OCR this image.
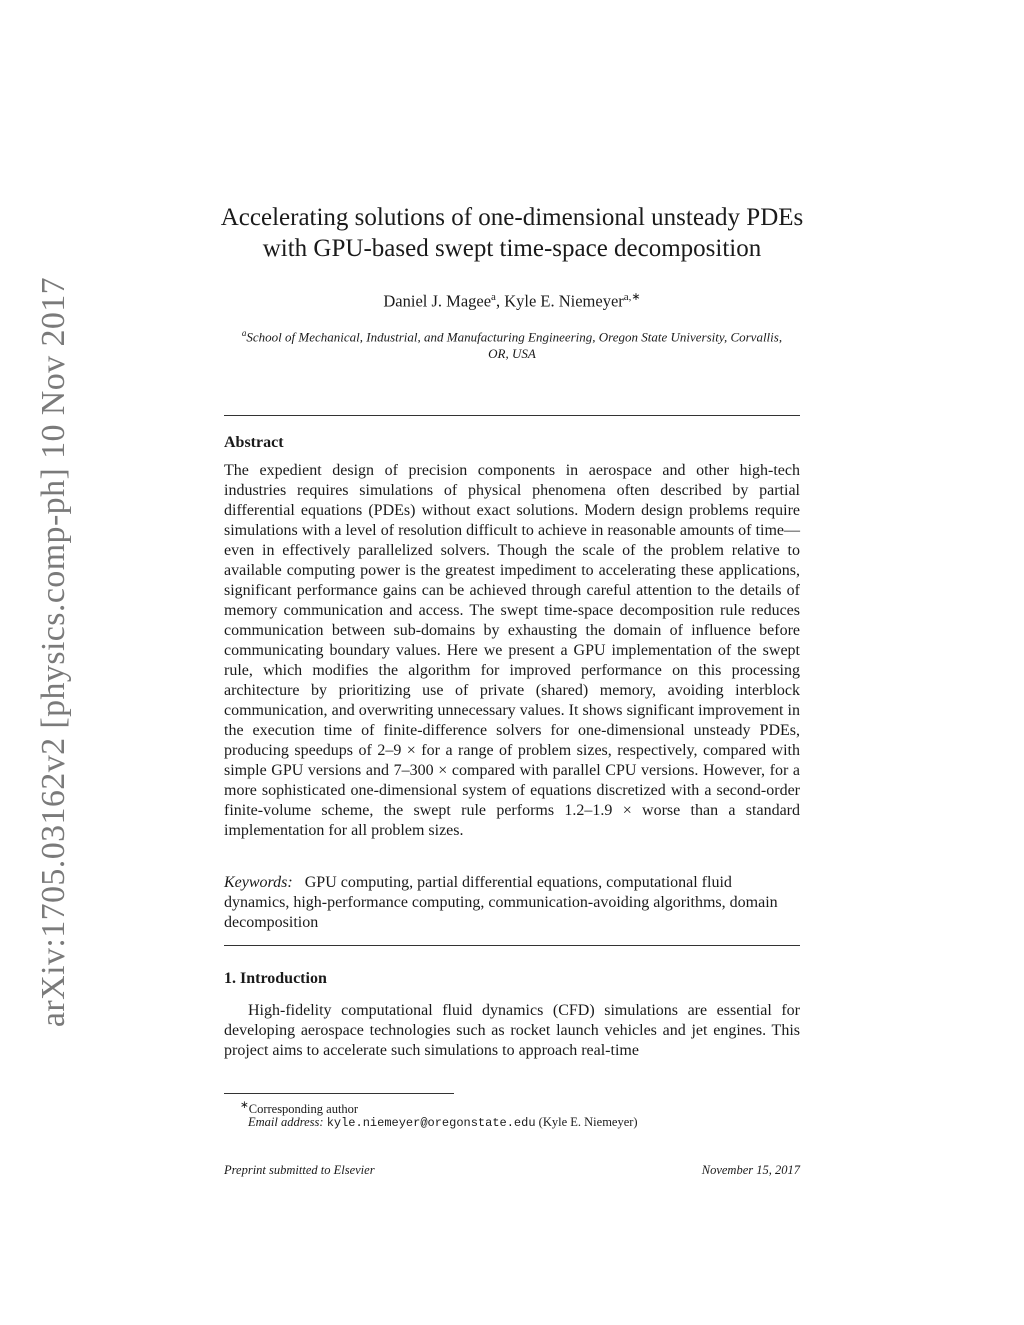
arXiv:1705.03162v2 [physics.comp-ph] 10 Nov 2017
Accelerating solutions of one-dimensional unsteady PDEs
with GPU-based swept time-space decomposition
Daniel J. Magee$^a$, Kyle E. Niemeyer$^{a,∗}$
$^a$School of Mechanical, Industrial, and Manufacturing Engineering, Oregon State University, Corvallis, OR, USA
Abstract

The expedient design of precision components in aerospace and other high-tech industries requires simulations of physical phenomena often described by partial differential equations (PDEs) without exact solutions. Modern design problems require simulations with a level of resolution difficult to achieve in reasonable amounts of time—even in effectively parallelized solvers. Though the scale of the problem relative to available computing power is the greatest impediment to accelerating these applications, significant performance gains can be achieved through careful attention to the details of memory communication and access. The swept time-space decomposition rule reduces communication between sub-domains by exhausting the domain of influence before communicating boundary values. Here we present a GPU implementation of the swept rule, which modifies the algorithm for improved performance on this processing architecture by prioritizing use of private (shared) memory, avoiding interblock communication, and overwriting unnecessary values. It shows significant improvement in the execution time of finite-difference solvers for one-dimensional unsteady PDEs, producing speedups of 2–9 × for a range of problem sizes, respectively, compared with simple GPU versions and 7–300 × compared with parallel CPU versions. However, for a more sophisticated one-dimensional system of equations discretized with a second-order finite-volume scheme, the swept rule performs 1.2–1.9 × worse than a standard implementation for all problem sizes.

Keywords: GPU computing, partial differential equations, computational fluid dynamics, high-performance computing, communication-avoiding algorithms, domain decomposition

1. Introduction

High-fidelity computational fluid dynamics (CFD) simulations are essential for developing aerospace technologies such as rocket launch vehicles and jet engines. This project aims to accelerate such simulations to approach real-time

∗Corresponding author
Email address: kyle.niemeyer@oregonstate.edu (Kyle E. Niemeyer)
Preprint submitted to Elsevier	November 15, 2017
